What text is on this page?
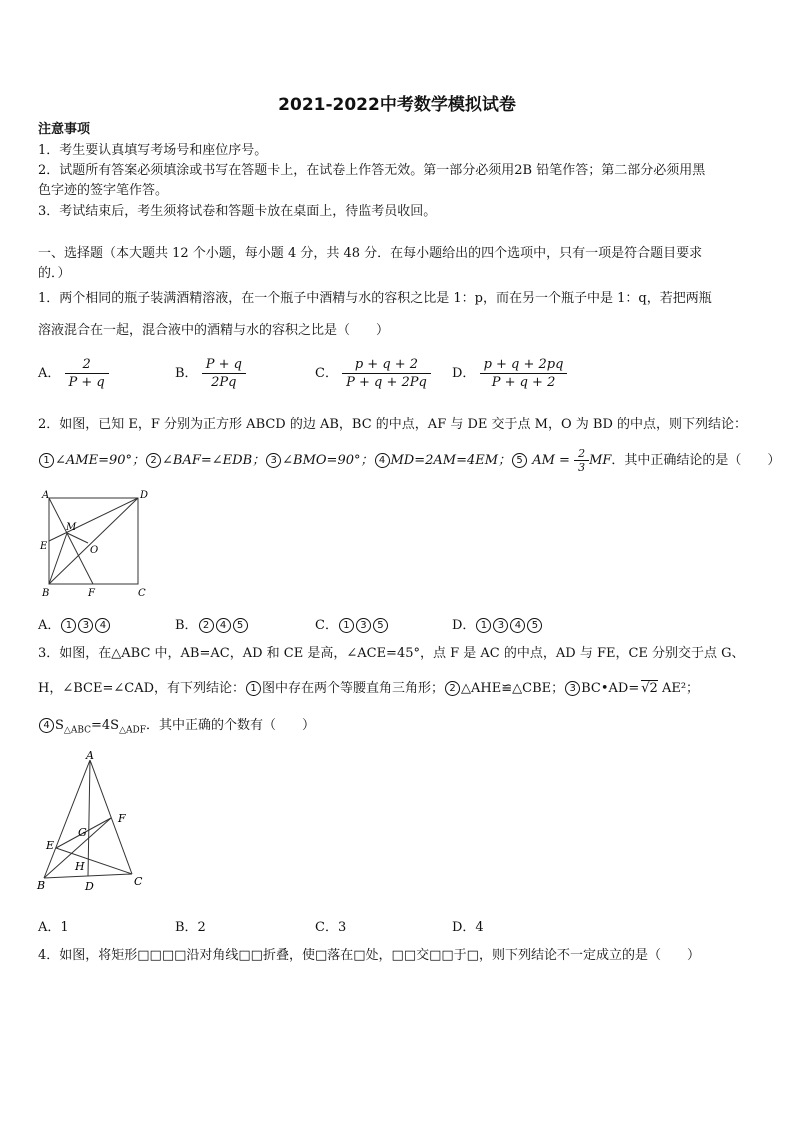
2021-2022中考数学模拟试卷
注意事项
1．考生要认真填写考场号和座位序号。
2．试题所有答案必须填涂或书写在答题卡上，在试卷上作答无效。第一部分必须用2B 铅笔作答；第二部分必须用黑
色字迹的签字笔作答。
3．考试结束后，考生须将试卷和答题卡放在桌面上，待监考员收回。
一、选择题（本大题共 12 个小题，每小题 4 分，共 48 分．在每小题给出的四个选项中，只有一项是符合题目要求
的．）
1．两个相同的瓶子装满酒精溶液，在一个瓶子中酒精与水的容积之比是 1：p，而在另一个瓶子中是 1：q，若把两瓶
溶液混合在一起，混合液中的酒精与水的容积之比是（　　）
A． $\frac{2}{P + q}$	B． $\frac{P + q}{2Pq}$	C． $\frac{p + q + 2}{P + q + 2Pq}$ D． $\frac{p + q + 2pq}{P + q + 2}$
2．如图，已知 E，F 分别为正方形 ABCD 的边 AB，BC 的中点，AF 与 DE 交于点 M，O 为 BD 的中点，则下列结论：
1 ∠AME=90°； 2 ∠BAF=∠EDB； 3 ∠BMO=90°； 4 MD=2AM=4EM； 5 AM = $\frac{2}{3}$ MF．其中正确结论的是（　　）
A	D
M
E	O
B	F	C
A． 1 3 4	B． 2 4 5	C． 1 3 5	D． 1 3 4 5
3．如图，在△ABC 中，AB=AC，AD 和 CE 是高，∠ACE=45°，点 F 是 AC 的中点，AD 与 FE，CE 分别交于点 G、
H，∠BCE=∠CAD，有下列结论： 1 图中存在两个等腰直角三角形； 2 △AHE≌△CBE； 3 BC•AD= √2 AE²；
4 $S_{\triangle ABC}=4S_{\triangle ADF}$．其中正确的个数有（　　）
A
G
F
E
H
B	D	C
A．1	B．2	C．3	D．4
4．如图，将矩形□□□□沿对角线□□折叠，使□落在□处，□□交□□于□，则下列结论不一定成立的是（　　）
